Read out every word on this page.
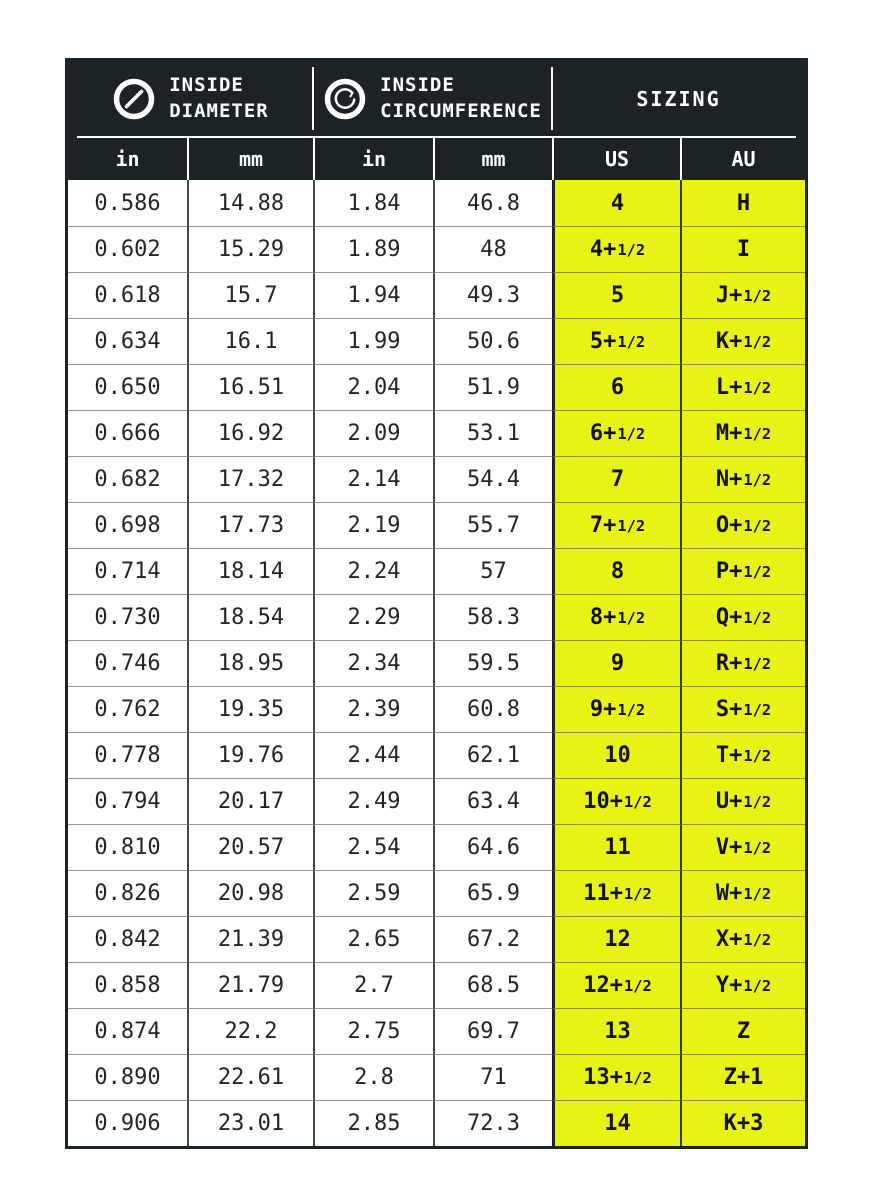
INSIDE
DIAMETER
INSIDE
CIRCUMFERENCE	SIZING
in	mm	in	mm	US	AU
0.586	14.88	1.84	46.8	4	H
0.602	15.29	1.89	48	4+ 1/2	I
0.618	15.7	1.94	49.3	5	J+ 1/2
0.634	16.1	1.99	50.6	5+ 1/2	K+ 1/2
0.650	16.51	2.04	51.9	6	L+ 1/2
0.666	16.92	2.09	53.1	6+ 1/2	M+ 1/2
0.682	17.32	2.14	54.4	7	N+ 1/2
0.698	17.73	2.19	55.7	7+ 1/2	O+ 1/2
0.714	18.14	2.24	57	8	P+ 1/2
0.730	18.54	2.29	58.3	8+ 1/2	Q+ 1/2
0.746	18.95	2.34	59.5	9	R+ 1/2
0.762	19.35	2.39	60.8	9+ 1/2	S+ 1/2
0.778	19.76	2.44	62.1	10	T+ 1/2
0.794	20.17	2.49	63.4	10+ 1/2	U+ 1/2
0.810	20.57	2.54	64.6	11	V+ 1/2
0.826	20.98	2.59	65.9	11+ 1/2	W+ 1/2
0.842	21.39	2.65	67.2	12	X+ 1/2
0.858	21.79	2.7	68.5	12+ 1/2	Y+ 1/2
0.874	22.2	2.75	69.7	13	Z
0.890	22.61	2.8	71	13+ 1/2	Z+1
0.906	23.01	2.85	72.3	14	K+3
